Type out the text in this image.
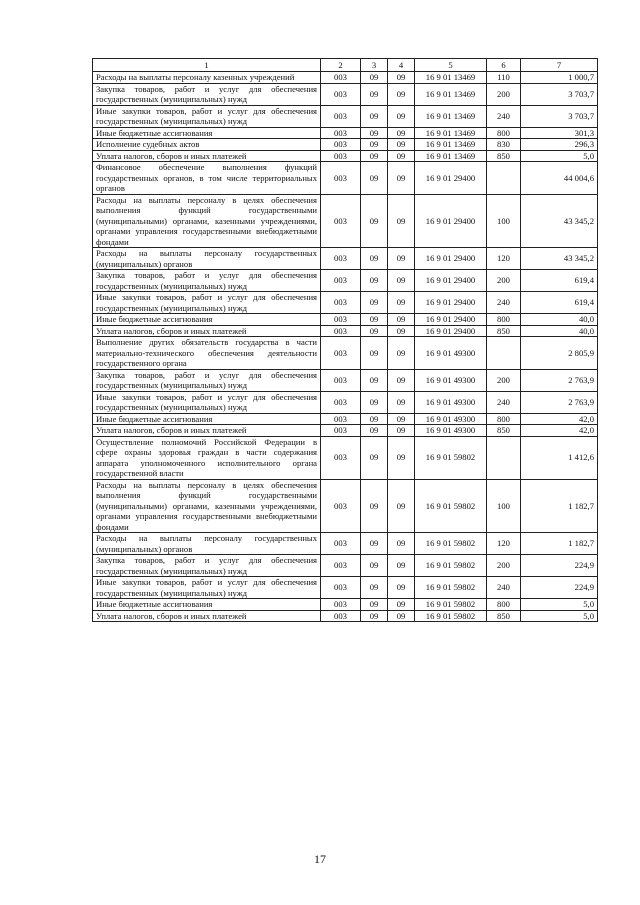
1	2	3	4	5	6	7
Расходы на выплаты персоналу казенных учреждений	003	09	09	16 9 01 13469	110	1 000,7
Закупка товаров, работ и услуг для обеспечения государственных (муниципальных) нужд	003	09	09	16 9 01 13469	200	3 703,7
Иные закупки товаров, работ и услуг для обеспечения государственных (муниципальных) нужд	003	09	09	16 9 01 13469	240	3 703,7
Иные бюджетные ассигнования	003	09	09	16 9 01 13469	800	301,3
Исполнение судебных актов	003	09	09	16 9 01 13469	830	296,3
Уплата налогов, сборов и иных платежей	003	09	09	16 9 01 13469	850	5,0
Финансовое обеспечение выполнения функций государственных органов, в том числе территориальных органов	003	09	09	16 9 01 29400		44 004,6
Расходы на выплаты персоналу в целях обеспечения выполнения функций государственными (муниципальными) органами, казенными учреждениями, органами управления государственными внебюджетными фондами	003	09	09	16 9 01 29400	100	43 345,2
Расходы на выплаты персоналу государственных (муниципальных) органов	003	09	09	16 9 01 29400	120	43 345,2
Закупка товаров, работ и услуг для обеспечения государственных (муниципальных) нужд	003	09	09	16 9 01 29400	200	619,4
Иные закупки товаров, работ и услуг для обеспечения государственных (муниципальных) нужд	003	09	09	16 9 01 29400	240	619,4
Иные бюджетные ассигнования	003	09	09	16 9 01 29400	800	40,0
Уплата налогов, сборов и иных платежей	003	09	09	16 9 01 29400	850	40,0
Выполнение других обязательств государства в части материально-технического обеспечения деятельности государственного органа	003	09	09	16 9 01 49300		2 805,9
Закупка товаров, работ и услуг для обеспечения государственных (муниципальных) нужд	003	09	09	16 9 01 49300	200	2 763,9
Иные закупки товаров, работ и услуг для обеспечения государственных (муниципальных) нужд	003	09	09	16 9 01 49300	240	2 763,9
Иные бюджетные ассигнования	003	09	09	16 9 01 49300	800	42,0
Уплата налогов, сборов и иных платежей	003	09	09	16 9 01 49300	850	42,0
Осуществление полномочий Российской Федерации в сфере охраны здоровья граждан в части содержания аппарата уполномоченного исполнительного органа государственной власти	003	09	09	16 9 01 59802		1 412,6
Расходы на выплаты персоналу в целях обеспечения выполнения функций государственными (муниципальными) органами, казенными учреждениями, органами управления государственными внебюджетными фондами	003	09	09	16 9 01 59802	100	1 182,7
Расходы на выплаты персоналу государственных (муниципальных) органов	003	09	09	16 9 01 59802	120	1 182,7
Закупка товаров, работ и услуг для обеспечения государственных (муниципальных) нужд	003	09	09	16 9 01 59802	200	224,9
Иные закупки товаров, работ и услуг для обеспечения государственных (муниципальных) нужд	003	09	09	16 9 01 59802	240	224,9
Иные бюджетные ассигнования	003	09	09	16 9 01 59802	800	5,0
Уплата налогов, сборов и иных платежей	003	09	09	16 9 01 59802	850	5,0
17
